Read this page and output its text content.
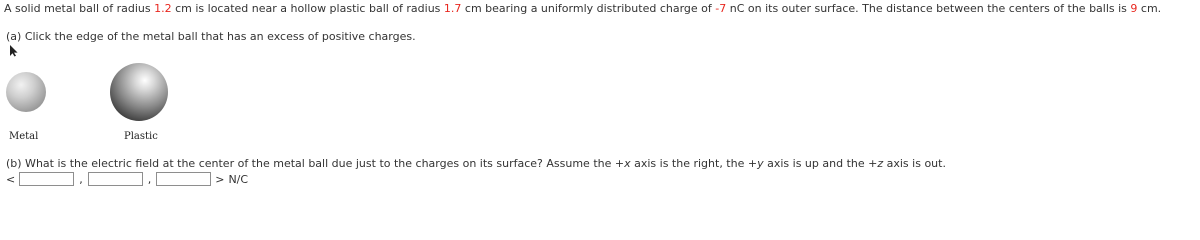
A solid metal ball of radius 1.2 cm is located near a hollow plastic ball of radius 1.7 cm bearing a uniformly distributed charge of -7 nC on its outer surface. The distance between the centers of the balls is 9 cm.
(a) Click the edge of the metal ball that has an excess of positive charges.
Metal	Plastic
(b) What is the electric field at the center of the metal ball due just to the charges on its surface? Assume the +x axis is the right, the +y axis is up and the +z axis is out.
<	,	,	> N/C
